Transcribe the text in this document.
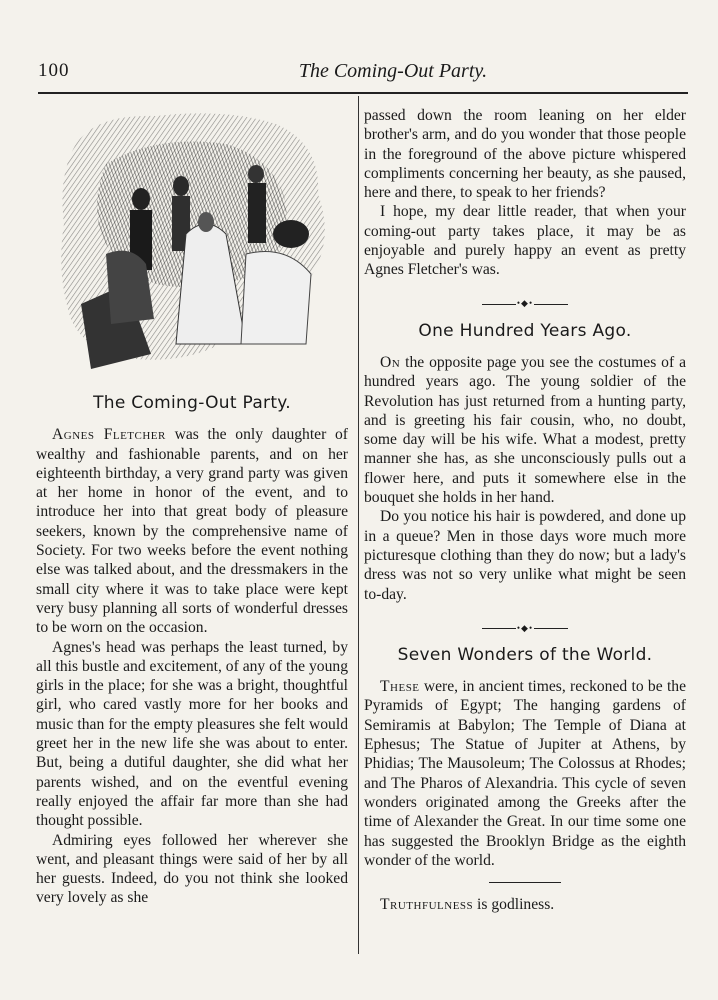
100	The Coming-Out Party.
The Coming-Out Party.

Agnes Fletcher was the only daughter of wealthy and fashionable parents, and on her eighteenth birthday, a very grand party was given at her home in honor of the event, and to introduce her into that great body of pleasure seekers, known by the comprehensive name of Society. For two weeks before the event nothing else was talked about, and the dressmakers in the small city where it was to take place were kept very busy planning all sorts of wonderful dresses to be worn on the occasion.

Agnes's head was perhaps the least turned, by all this bustle and excitement, of any of the young girls in the place; for she was a bright, thoughtful girl, who cared vastly more for her books and music than for the empty pleasures she felt would greet her in the new life she was about to enter. But, being a dutiful daughter, she did what her parents wished, and on the eventful evening really enjoyed the affair far more than she had thought possible.

Admiring eyes followed her wherever she went, and pleasant things were said of her by all her guests. Indeed, do you not think she looked very lovely as she

passed down the room leaning on her elder brother's arm, and do you wonder that those people in the foreground of the above picture whispered compliments concerning her beauty, as she paused, here and there, to speak to her friends?

I hope, my dear little reader, that when your coming-out party takes place, it may be as enjoyable and purely happy an event as pretty Agnes Fletcher's was.

•◆•
One Hundred Years Ago.

On the opposite page you see the costumes of a hundred years ago. The young soldier of the Revolution has just returned from a hunting party, and is greeting his fair cousin, who, no doubt, some day will be his wife. What a modest, pretty manner she has, as she unconsciously pulls out a flower here, and puts it somewhere else in the bouquet she holds in her hand.

Do you notice his hair is powdered, and done up in a queue? Men in those days wore much more picturesque clothing than they do now; but a lady's dress was not so very unlike what might be seen to-day.

•◆•
Seven Wonders of the World.

These were, in ancient times, reckoned to be the Pyramids of Egypt; The hanging gardens of Semiramis at Babylon; The Temple of Diana at Ephesus; The Statue of Jupiter at Athens, by Phidias; The Mausoleum; The Colossus at Rhodes; and The Pharos of Alexandria. This cycle of seven wonders originated among the Greeks after the time of Alexander the Great. In our time some one has suggested the Brooklyn Bridge as the eighth wonder of the world.

Truthfulness is godliness.
